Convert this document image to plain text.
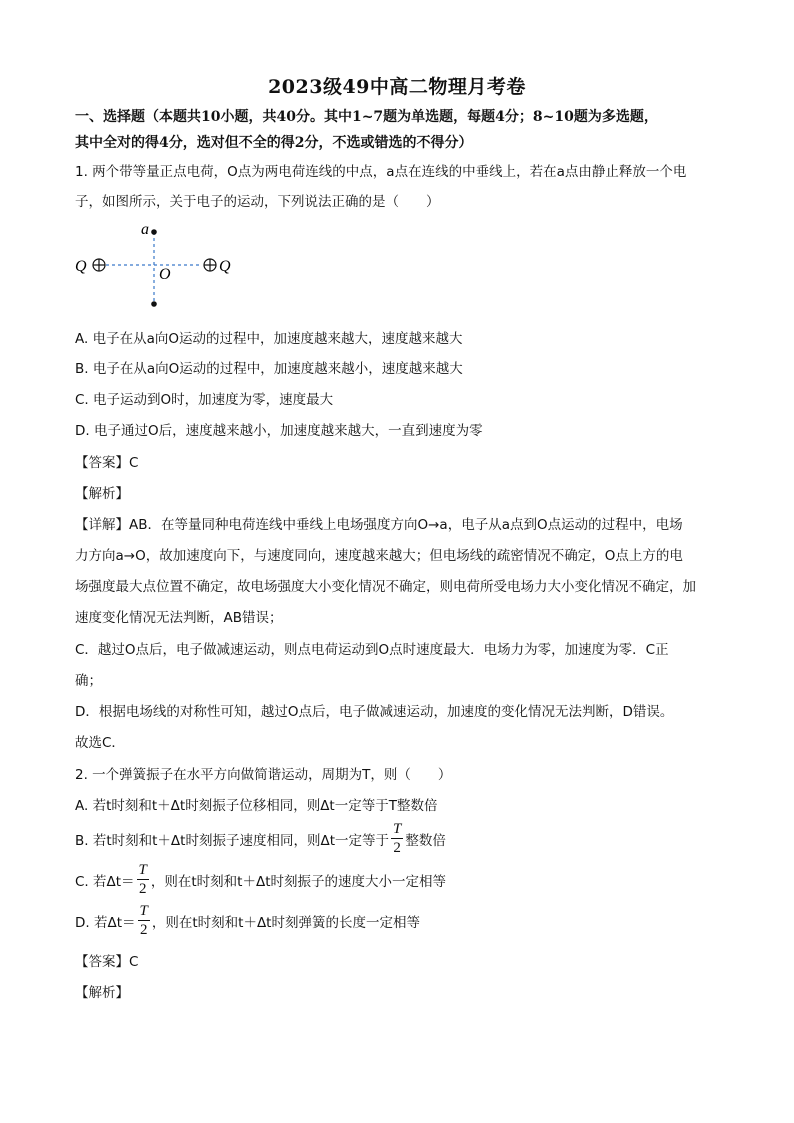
2023级49中高二物理月考卷
一、选择题（本题共10小题，共40分。其中1~7题为单选题，每题4分；8~10题为多选题，
其中全对的得4分，选对但不全的得2分，不选或错选的不得分）
1. 两个带等量正点电荷，O点为两电荷连线的中点，a点在连线的中垂线上，若在a点由静止释放一个电
子，如图所示，关于电子的运动，下列说法正确的是（　　）
a
O
Q	Q
A. 电子在从a向O运动的过程中，加速度越来越大，速度越来越大
B. 电子在从a向O运动的过程中，加速度越来越小，速度越来越大
C. 电子运动到O时，加速度为零，速度最大
D. 电子通过O后，速度越来越小，加速度越来越大，一直到速度为零
【答案】C
【解析】
【详解】AB．在等量同种电荷连线中垂线上电场强度方向O→a，电子从a点到O点运动的过程中，电场
力方向a→O，故加速度向下，与速度同向，速度越来越大；但电场线的疏密情况不确定，O点上方的电
场强度最大点位置不确定，故电场强度大小变化情况不确定，则电荷所受电场力大小变化情况不确定，加
速度变化情况无法判断，AB错误；
C．越过O点后，电子做减速运动，则点电荷运动到O点时速度最大．电场力为零，加速度为零．C正
确；
D．根据电场线的对称性可知，越过O点后，电子做减速运动，加速度的变化情况无法判断，D错误。
故选C．
2. 一个弹簧振子在水平方向做简谐运动，周期为T，则（　　）
A. 若t时刻和t＋Δt时刻振子位移相同，则Δt一定等于T整数倍
B. 若t时刻和t＋Δt时刻振子速度相同，则Δt一定等于 $\frac{T}{2}$ 整数倍
C. 若$\Delta t= \frac{T}{2}$ ，则在t时刻和t＋Δt时刻振子的速度大小一定相等
D. 若$\Delta t= \frac{T}{2}$ ，则在t时刻和t＋Δt时刻弹簧的长度一定相等
【答案】C
【解析】
